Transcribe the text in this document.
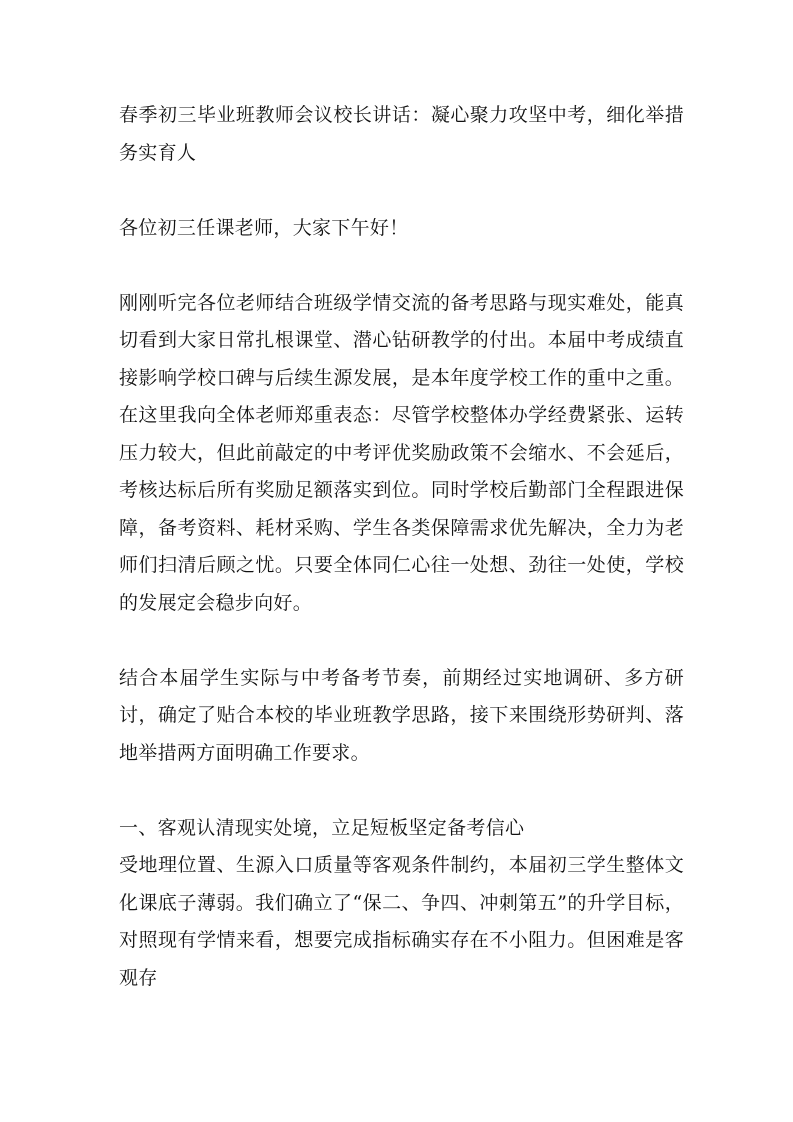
春季初三毕业班教师会议校长讲话：凝心聚力攻坚中考，细化举措务实育人

各位初三任课老师，大家下午好！

刚刚听完各位老师结合班级学情交流的备考思路与现实难处，能真切看到大家日常扎根课堂、潜心钻研教学的付出。本届中考成绩直接影响学校口碑与后续生源发展，是本年度学校工作的重中之重。在这里我向全体老师郑重表态：尽管学校整体办学经费紧张、运转压力较大，但此前敲定的中考评优奖励政策不会缩水、不会延后，考核达标后所有奖励足额落实到位。同时学校后勤部门全程跟进保障，备考资料、耗材采购、学生各类保障需求优先解决，全力为老师们扫清后顾之忧。只要全体同仁心往一处想、劲往一处使，学校的发展定会稳步向好。

结合本届学生实际与中考备考节奏，前期经过实地调研、多方研讨，确定了贴合本校的毕业班教学思路，接下来围绕形势研判、落地举措两方面明确工作要求。

一、客观认清现实处境，立足短板坚定备考信心

受地理位置、生源入口质量等客观条件制约，本届初三学生整体文化课底子薄弱。我们确立了“保二、争四、冲刺第五”的升学目标，对照现有学情来看，想要完成指标确实存在不小阻力。但困难是客观存
